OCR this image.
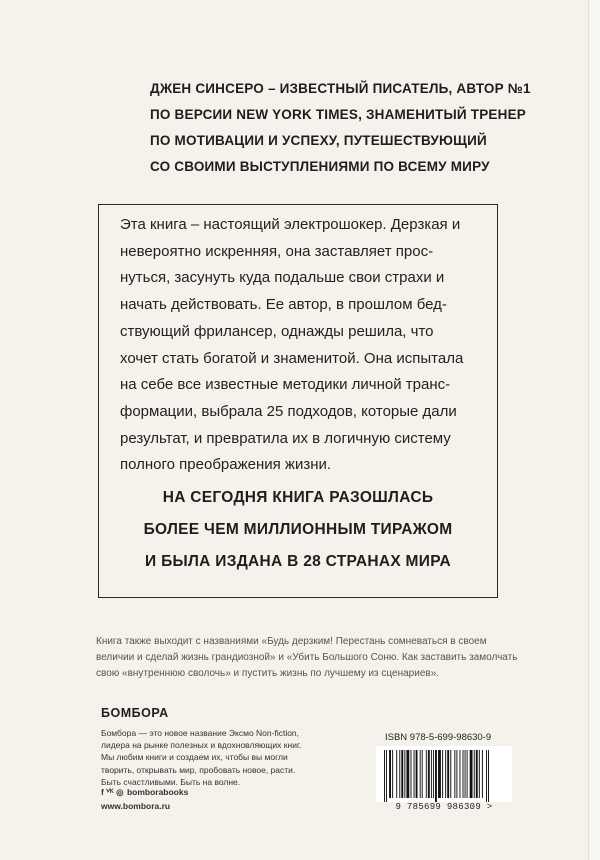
ДЖЕН СИНСЕРО – ИЗВЕСТНЫЙ ПИСАТЕЛЬ, АВТОР №1
ПО ВЕРСИИ NEW YORK TIMES, ЗНАМЕНИТЫЙ ТРЕНЕР
ПО МОТИВАЦИИ И УСПЕХУ, ПУТЕШЕСТВУЮЩИЙ
СО СВОИМИ ВЫСТУПЛЕНИЯМИ ПО ВСЕМУ МИРУ
Эта книга – настоящий электрошокер. Дерзкая и
невероятно искренняя, она заставляет прос-
нуться, засунуть куда подальше свои страхи и
начать действовать. Ее автор, в прошлом бед-
ствующий фрилансер, однажды решила, что
хочет стать богатой и знаменитой. Она испытала
на себе все известные методики личной транс-
формации, выбрала 25 подходов, которые дали
результат, и превратила их в логичную систему
полного преображения жизни.
НА СЕГОДНЯ КНИГА РАЗОШЛАСЬ
БОЛЕЕ ЧЕМ МИЛЛИОННЫМ ТИРАЖОМ
И БЫЛА ИЗДАНА В 28 СТРАНАХ МИРА
Книга также выходит с названиями «Будь дерзким! Перестань сомневаться в своем
величии и сделай жизнь грандиозной» и «Убить Большого Соню. Как заставить замолчать
свою «внутреннюю сволочь» и пустить жизнь по лучшему из сценариев».
БОМБОРА
Бомбора — это новое название Эксмо Non-fiction,
лидера на рынке полезных и вдохновляющих книг.
Мы любим книги и создаем их, чтобы вы могли
творить, открывать мир, пробовать новое, расти.
Быть счастливыми. Быть на волне.
f ⱽᴷ ◎ bomborabooks
www.bombora.ru
ISBN 978-5-699-98630-9
9 785699 986309 >
